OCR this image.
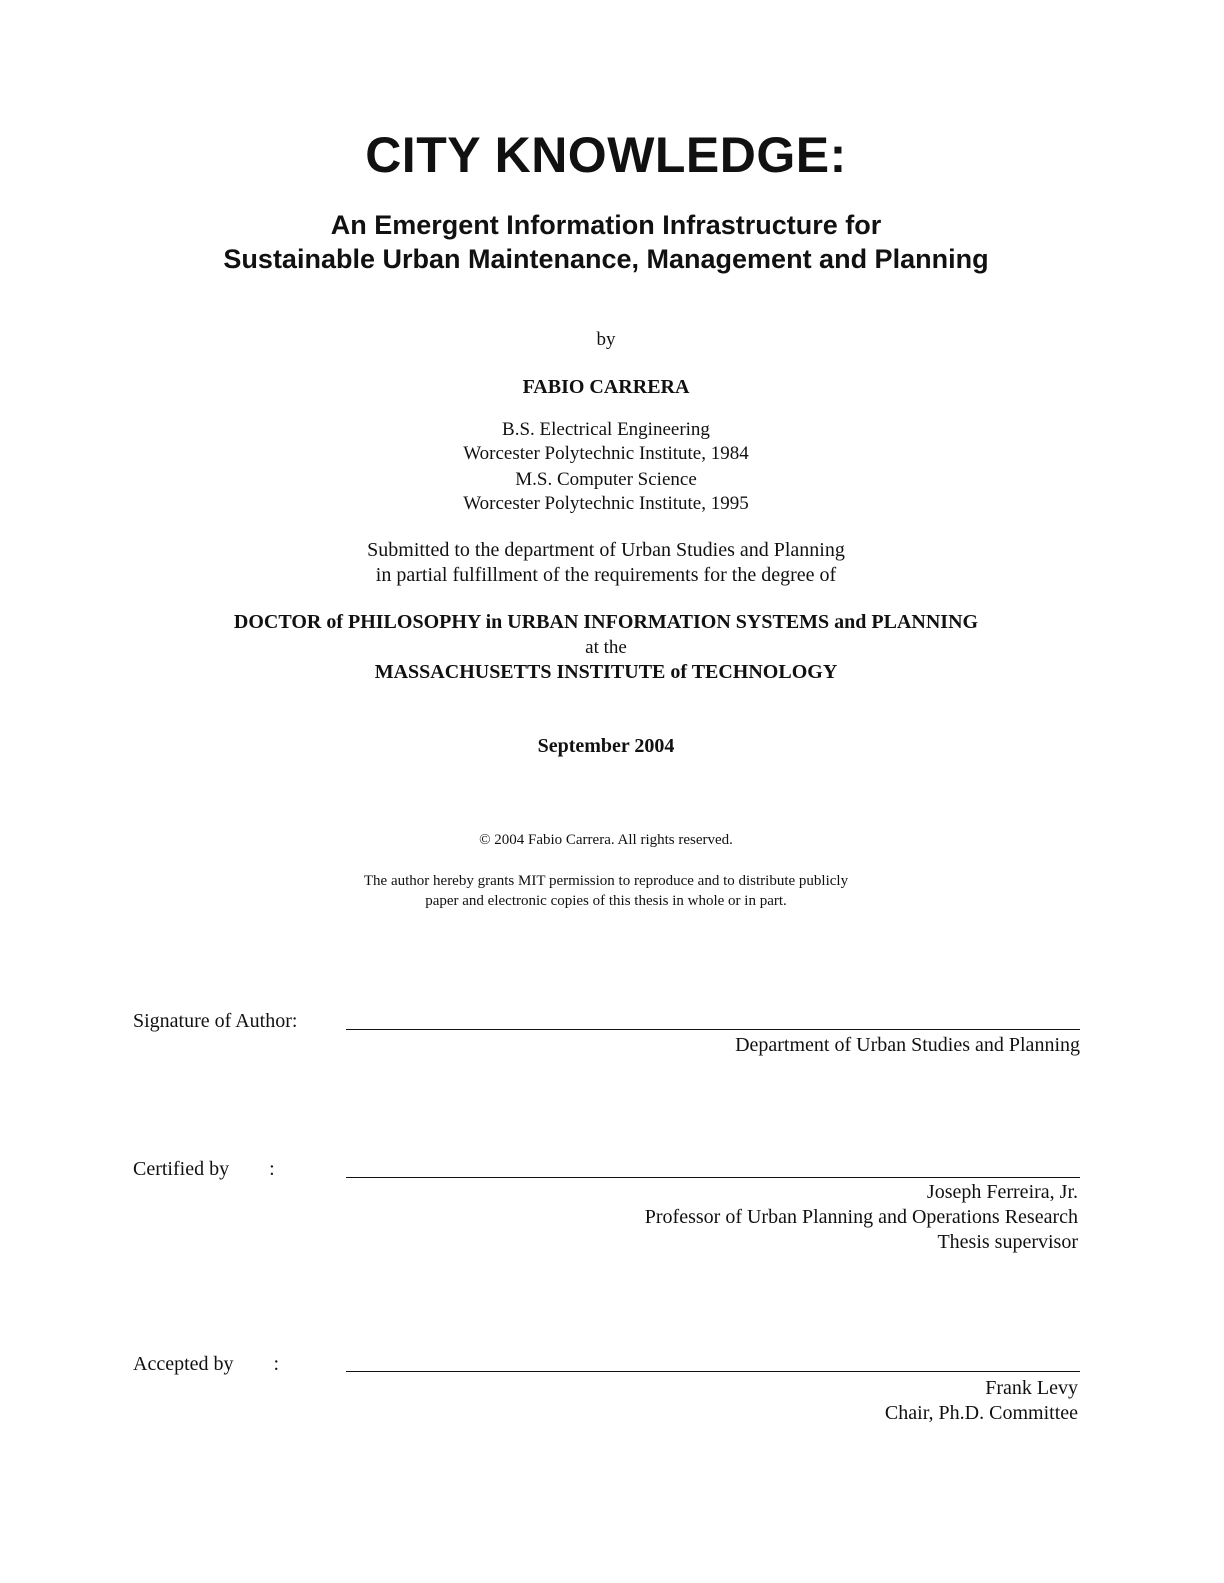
CITY KNOWLEDGE:
An Emergent Information Infrastructure for
Sustainable Urban Maintenance, Management and Planning
by
FABIO CARRERA
B.S. Electrical Engineering
Worcester Polytechnic Institute, 1984
M.S. Computer Science
Worcester Polytechnic Institute, 1995
Submitted to the department of Urban Studies and Planning
in partial fulfillment of the requirements for the degree of
DOCTOR of PHILOSOPHY in URBAN INFORMATION SYSTEMS and PLANNING
at the
MASSACHUSETTS INSTITUTE of TECHNOLOGY
September 2004
© 2004 Fabio Carrera. All rights reserved.
The author hereby grants MIT permission to reproduce and to distribute publicly
paper and electronic copies of this thesis in whole or in part.
Signature of Author:
Department of Urban Studies and Planning
Certified by        :
Joseph Ferreira, Jr.
Professor of Urban Planning and Operations Research
Thesis supervisor
Accepted by        :
Frank Levy
Chair, Ph.D. Committee
